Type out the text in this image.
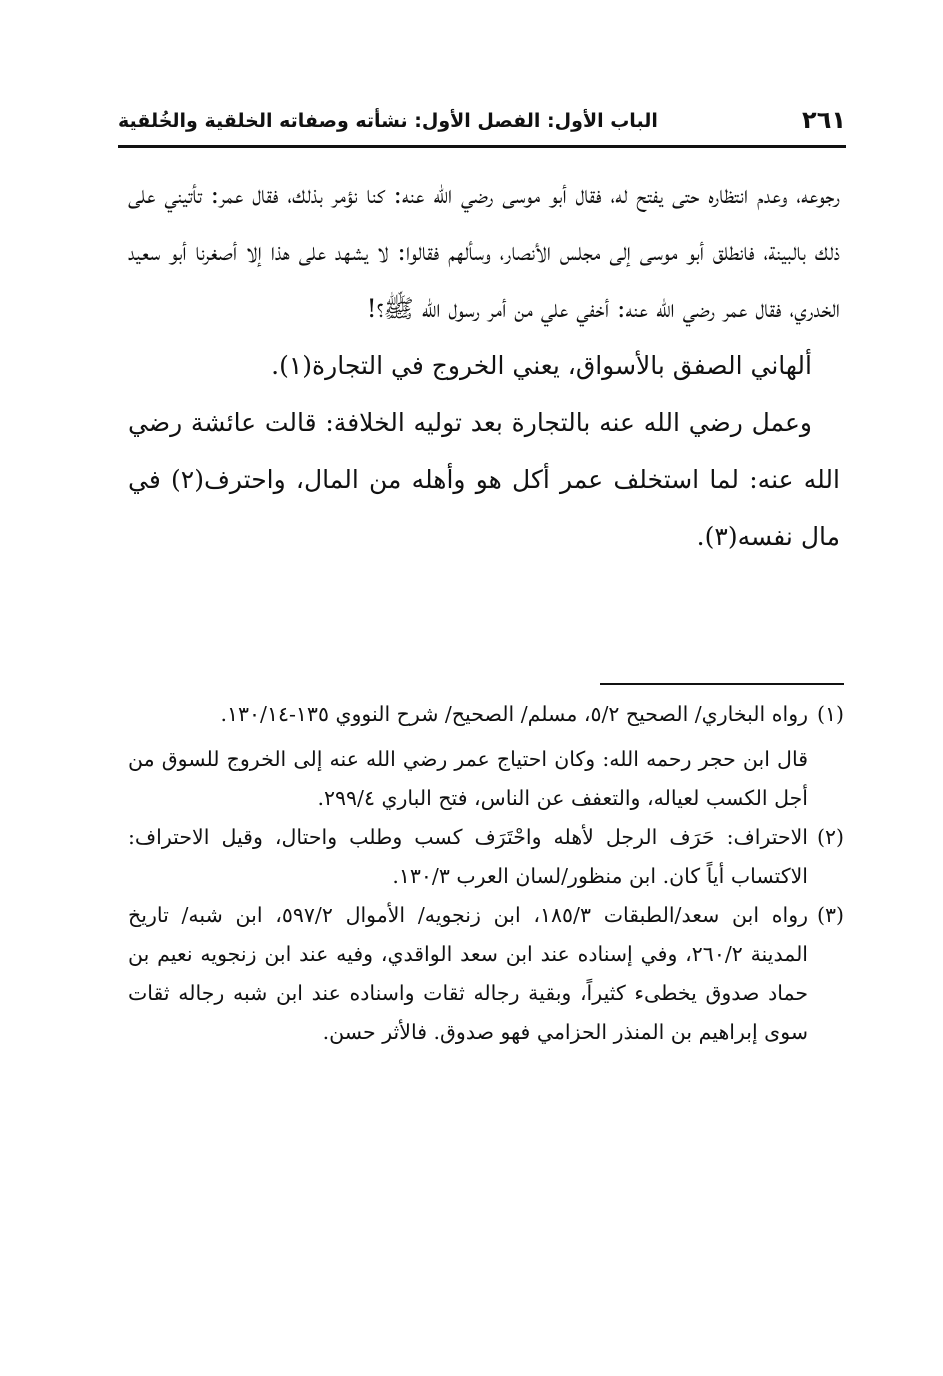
٢٦١
الباب الأول: الفصل الأول: نشأته وصفاته الخلقية والخُلقية

رجوعه، وعدم انتظاره حتى يفتح له، فقال أبو موسى رضي الله عنه: كنا نؤمر بذلك، فقال عمر: تأتيني على ذلك بالبينة، فانطلق أبو موسى إلى مجلس الأنصار، وسألهم فقالوا: لا يشهد على هذا إلا أصغرنا أبو سعيد الخدري، فقال عمر رضي الله عنه: أخفي علي من أمر رسول الله ﷺ؟!

ألهاني الصفق بالأسواق، يعني الخروج في التجارة(١).

وعمل رضي الله عنه بالتجارة بعد توليه الخلافة: قالت عائشة رضي الله عنه: لما استخلف عمر أكل هو وأهله من المال، واحترف(٢) في مال نفسه(٣).

(١)
رواه البخاري/ الصحيح ٥/٢، مسلم/ الصحيح/ شرح النووي ١٣٥-١٣٠/١٤.
قال ابن حجر رحمه الله: وكان احتياج عمر رضي الله عنه إلى الخروج للسوق من أجل الكسب لعياله، والتعفف عن الناس، فتح الباري ٢٩٩/٤.
(٢)
الاحتراف: حَرَف الرجل لأهله واحْتَرَف كسب وطلب واحتال، وقيل الاحتراف: الاكتساب أياً كان. ابن منظور/لسان العرب ١٣٠/٣.
(٣)
رواه ابن سعد/الطبقات ١٨٥/٣، ابن زنجويه/ الأموال ٥٩٧/٢، ابن شبه/ تاريخ المدينة ٢٦٠/٢، وفي إسناده عند ابن سعد الواقدي، وفيه عند ابن زنجويه نعيم بن حماد صدوق يخطىء كثيراً، وبقية رجاله ثقات واسناده عند ابن شبه رجاله ثقات سوى إبراهيم بن المنذر الحزامي فهو صدوق. فالأثر حسن.
